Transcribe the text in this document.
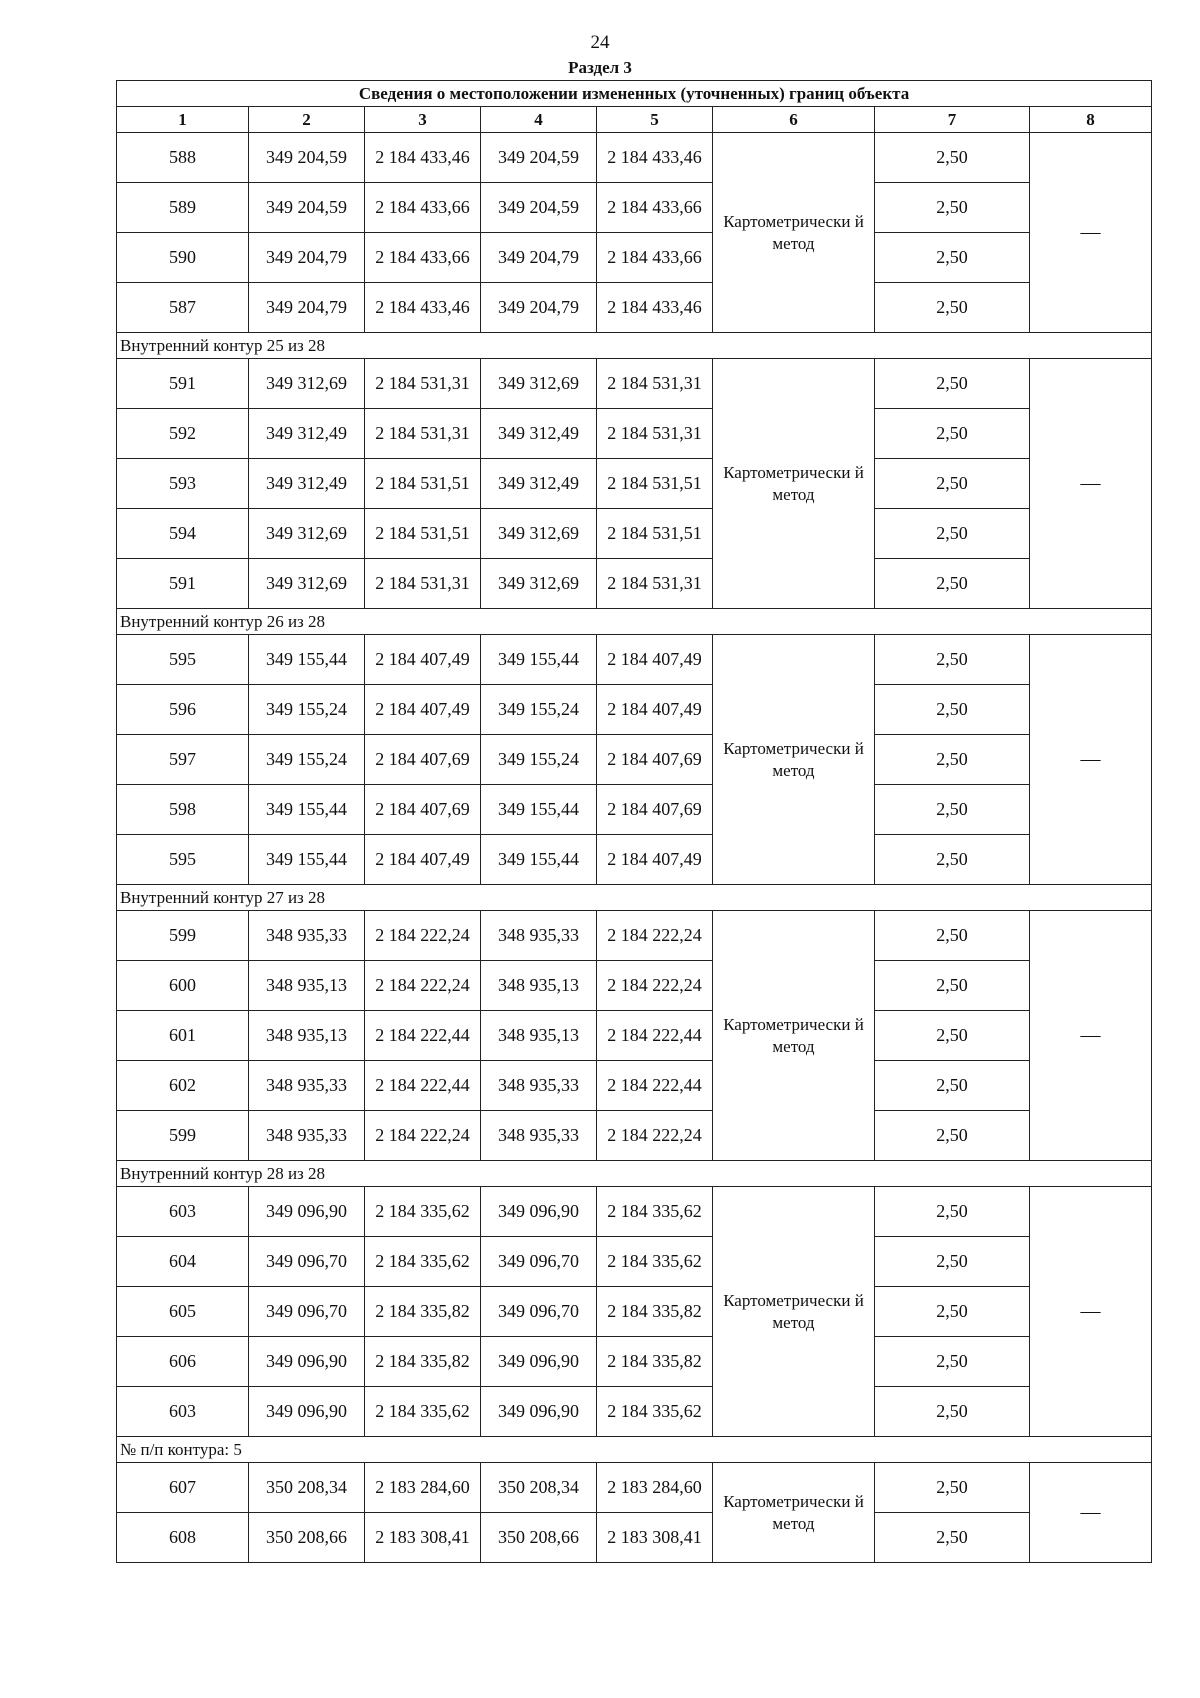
24
Раздел 3
Сведения о местоположении измененных (уточненных) границ объекта							
1	2	3	4	5	6	7	8
588	349 204,59	2 184 433,46	349 204,59	2 184 433,46	Картометрически й метод	2,50	—
589	349 204,59	2 184 433,66	349 204,59	2 184 433,66		2,50	
590	349 204,79	2 184 433,66	349 204,79	2 184 433,66		2,50	
587	349 204,79	2 184 433,46	349 204,79	2 184 433,46		2,50	
Внутренний контур 25 из 28							
591	349 312,69	2 184 531,31	349 312,69	2 184 531,31	Картометрически й метод	2,50	—
592	349 312,49	2 184 531,31	349 312,49	2 184 531,31		2,50	
593	349 312,49	2 184 531,51	349 312,49	2 184 531,51		2,50	
594	349 312,69	2 184 531,51	349 312,69	2 184 531,51		2,50	
591	349 312,69	2 184 531,31	349 312,69	2 184 531,31		2,50	
Внутренний контур 26 из 28							
595	349 155,44	2 184 407,49	349 155,44	2 184 407,49	Картометрически й метод	2,50	—
596	349 155,24	2 184 407,49	349 155,24	2 184 407,49		2,50	
597	349 155,24	2 184 407,69	349 155,24	2 184 407,69		2,50	
598	349 155,44	2 184 407,69	349 155,44	2 184 407,69		2,50	
595	349 155,44	2 184 407,49	349 155,44	2 184 407,49		2,50	
Внутренний контур 27 из 28							
599	348 935,33	2 184 222,24	348 935,33	2 184 222,24	Картометрически й метод	2,50	—
600	348 935,13	2 184 222,24	348 935,13	2 184 222,24		2,50	
601	348 935,13	2 184 222,44	348 935,13	2 184 222,44		2,50	
602	348 935,33	2 184 222,44	348 935,33	2 184 222,44		2,50	
599	348 935,33	2 184 222,24	348 935,33	2 184 222,24		2,50	
Внутренний контур 28 из 28							
603	349 096,90	2 184 335,62	349 096,90	2 184 335,62	Картометрически й метод	2,50	—
604	349 096,70	2 184 335,62	349 096,70	2 184 335,62		2,50	
605	349 096,70	2 184 335,82	349 096,70	2 184 335,82		2,50	
606	349 096,90	2 184 335,82	349 096,90	2 184 335,82		2,50	
603	349 096,90	2 184 335,62	349 096,90	2 184 335,62		2,50	
№ п/п контура: 5							
607	350 208,34	2 183 284,60	350 208,34	2 183 284,60	Картометрически й метод	2,50	—
608	350 208,66	2 183 308,41	350 208,66	2 183 308,41		2,50	
